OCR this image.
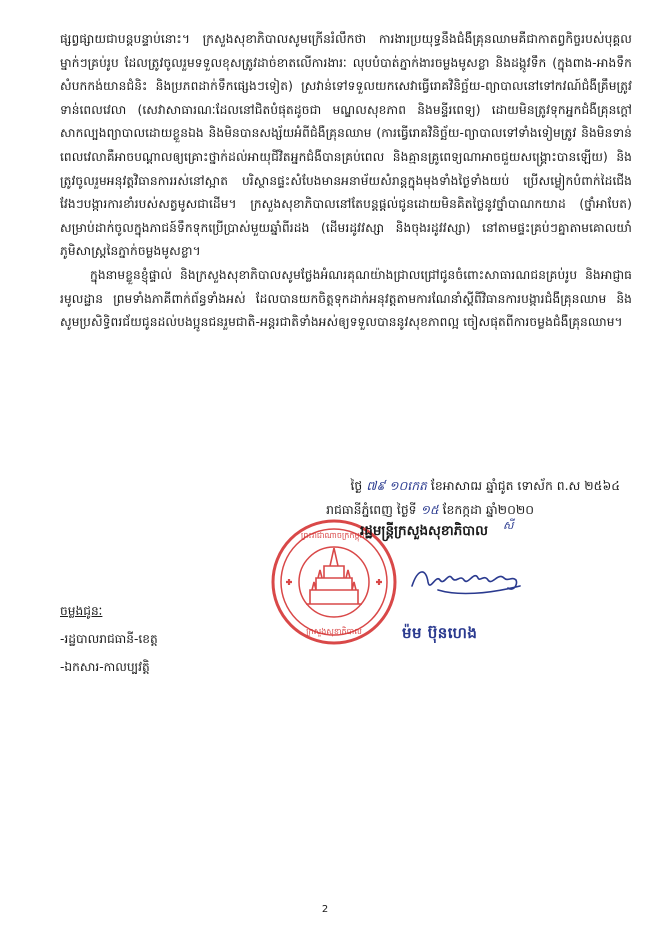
ផ្សព្វផ្សាយជាបន្តបន្ទាប់នោះ។ ក្រសួងសុខាភិបាលសូមក្រើនរំលឹកថា ការងារប្រយុទ្ធនឹងជំងឺគ្រុនឈាមគឺជាកាតព្វកិច្ចរបស់បុគ្គលម្នាក់ៗគ្រប់រូប ដែលត្រូវចូលរួមទទួលខុសត្រូវដាច់ខាតលើការងារៈ លុបបំបាត់ភ្នាក់ងារចម្លងមូសខ្លា និងដង្កូវទឹក (ក្នុងពាង-អាងទឹក សំបកកង់យានជំនិះ និងប្រភពដាក់ទឹកផ្សេងៗទៀត) ស្រវាន់ទៅទទួលយកសេវាធ្វើរោគវិនិច្ឆ័យ-ព្យាបាលនៅទៅកវណ៍ជំងឺគ្រឹមត្រូវទាន់ពេលវេលា (សេវាសាធារណៈដែលនៅជិតបំផុតដូចជា មណ្ឌលសុខភាព និងមន្ទីរពេទ្យ) ដោយមិនត្រូវទុកអ្នកជំងឺគ្រុនក្តៅសាកល្បងព្យាបាលដោយខ្លួនឯង និងមិនបានសង្ស័យអំពីជំងឺគ្រុនឈាម (ការធ្វើរោគវិនិច្ឆ័យ-ព្យាបាលទៅទាំងទៀមត្រូវ និងមិនទាន់ពេលវេលាគឺអាចបណ្តាលឲ្យគ្រោះថ្នាក់ដល់អាយុជីវិតអ្នកជំងឺបានគ្រប់ពេល និងគ្មានគ្រូពេទ្យណាអាចជួយសង្គ្រោះបានឡើយ) និងត្រូវចូលរួមអនុវត្តវិធានការរស់នៅស្អាត បរិស្ថានផ្ទះសំបែងមានអនាម័យសំរាន្តក្នុងមុងទាំងថ្ងៃទាំងយប់ ប្រើសម្លៀកបំពាក់ដៃជើងវែងៗបង្ការការខាំរបស់សត្វមូសជាដើម។ ក្រសួងសុខាភិបាលនៅតែបន្តផ្តល់ជូនដោយមិនគិតថ្លៃនូវថ្នាំបាណកយាដ (ថ្នាំអាបែត) សម្រាប់ដាក់ចូលក្នុងភាជន៍ទឹកទុកប្រើប្រាស់មួយឆ្នាំពីរដង (ដើមរដូវវស្សា និងចុងរដូវវស្សា) នៅតាមផ្ទះគ្រប់ៗគ្នាតាមគោលយាំភូមិសាស្ត្រនៃភ្នាក់ចម្លងមូសខ្លា។

ក្នុងនាមខ្លួនខ្ញុំផ្ទាល់ និងក្រសួងសុខាភិបាលសូមថ្លែងអំណរគុណយ៉ាងជ្រាលជ្រៅជូនចំពោះសាធារណជនគ្រប់រូប និងអាជ្ញាធរមូលដ្ឋាន ព្រមទាំងភាគីពាក់ព័ន្ធទាំងអស់ ដែលបានយកចិត្តទុកដាក់អនុវត្តតាមការណែនាំស្តីពីវិធានការបង្ការជំងឺគ្រុនឈាម និងសូមប្រសិទ្ធិពរជ័យជូនដល់បងប្អូនជនរួមជាតិ-អន្តរជាតិទាំងអស់ឲ្យទទួលបាននូវសុខភាពល្អ ចៀសផុតពីការចម្លងជំងឺគ្រុនឈាម។

ថ្ងៃ ៧៩ ១០កេត ខែអាសាឍ ឆ្នាំជូត ទោស័ក ព.ស ២៥៦៤
រាជធានីភ្នំពេញ ថ្ងៃទី ១៥ ខែកក្កដា ឆ្នាំ២០២០
ព្រះរាជាណាចក្រកម្ពុជា
ក្រសួងសុខាភិបាល
រដ្ឋមន្ត្រីក្រសួងសុខាភិបាល សី
ម៉ម ប៊ុនហេង
ចម្លងជូនៈ
-រដ្ឋបាលរាជធានី-ខេត្ត
-ឯកសារ-កាលប្បវត្តិ
2
